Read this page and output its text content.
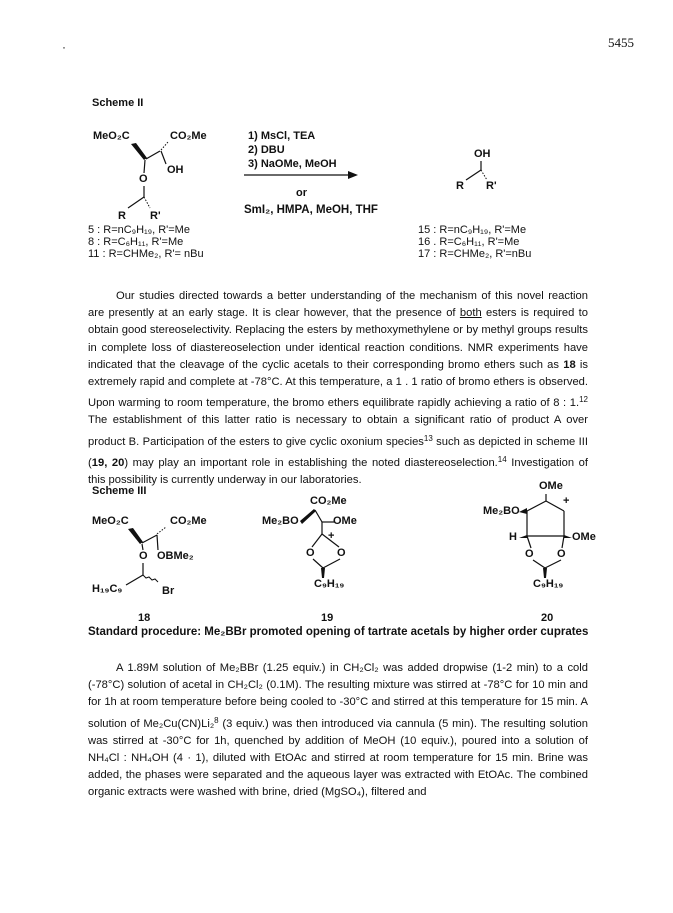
5455
·
Scheme II
MeO₂C	CO₂Me
OH
O
R R'
1) MsCl, TEA
2) DBU
3) NaOMe, MeOH
or
SmI₂, HMPA, MeOH, THF
OH
R R'
5 : R=nC₉H₁₉, R'=Me
8 : R=C₆H₁₁, R'=Me
11 : R=CHMe₂, R'= nBu
15 : R=nC₉H₁₉, R'=Me
16 . R=C₆H₁₁, R'=Me
17 : R=CHMe₂, R'=nBu

Our studies directed towards a better understanding of the mechanism of this novel reaction are presently at an early stage. It is clear however, that the presence of both esters is required to obtain good stereoselectivity. Replacing the esters by methoxymethylene or by methyl groups results in complete loss of diastereoselection under identical reaction conditions. NMR experiments have indicated that the cleavage of the cyclic acetals to their corresponding bromo ethers such as 18 is extremely rapid and complete at -78°C. At this temperature, a 1 . 1 ratio of bromo ethers is observed. Upon warming to room temperature, the bromo ethers equilibrate rapidly achieving a ratio of 8 : 1.12 The establishment of this latter ratio is necessary to obtain a significant ratio of product A over product B. Participation of the esters to give cyclic oxonium species$^{13}$ such as depicted in scheme III (19, 20) may play an important role in establishing the noted diastereoselection.$^{14}$ Investigation of this possibility is currently underway in our laboratories.

Scheme III
MeO₂C	CO₂Me
OBMe₂
O
H₁₉C₉	Br
18
CO₂Me
Me₂BO	OMe
+
O O
C₉H₁₉
19
OMe
+
Me₂BO
H	OMe
O O
C₉H₁₉
20
Standard procedure: Me₂BBr promoted opening of tartrate acetals by higher order cuprates

A 1.89M solution of Me₂BBr (1.25 equiv.) in CH₂Cl₂ was added dropwise (1-2 min) to a cold (-78°C) solution of acetal in CH₂Cl₂ (0.1M). The resulting mixture was stirred at -78°C for 10 min and for 1h at room temperature before being cooled to -30°C and stirred at this temperature for 15 min. A solution of Me₂Cu(CN)Li₂$^8$ (3 equiv.) was then introduced via cannula (5 min). The resulting solution was stirred at -30°C for 1h, quenched by addition of MeOH (10 equiv.), poured into a solution of NH₄Cl : NH₄OH (4 · 1), diluted with EtOAc and stirred at room temperature for 15 min. Brine was added, the phases were separated and the aqueous layer was extracted with EtOAc. The combined organic extracts were washed with brine, dried (MgSO₄), filtered and
